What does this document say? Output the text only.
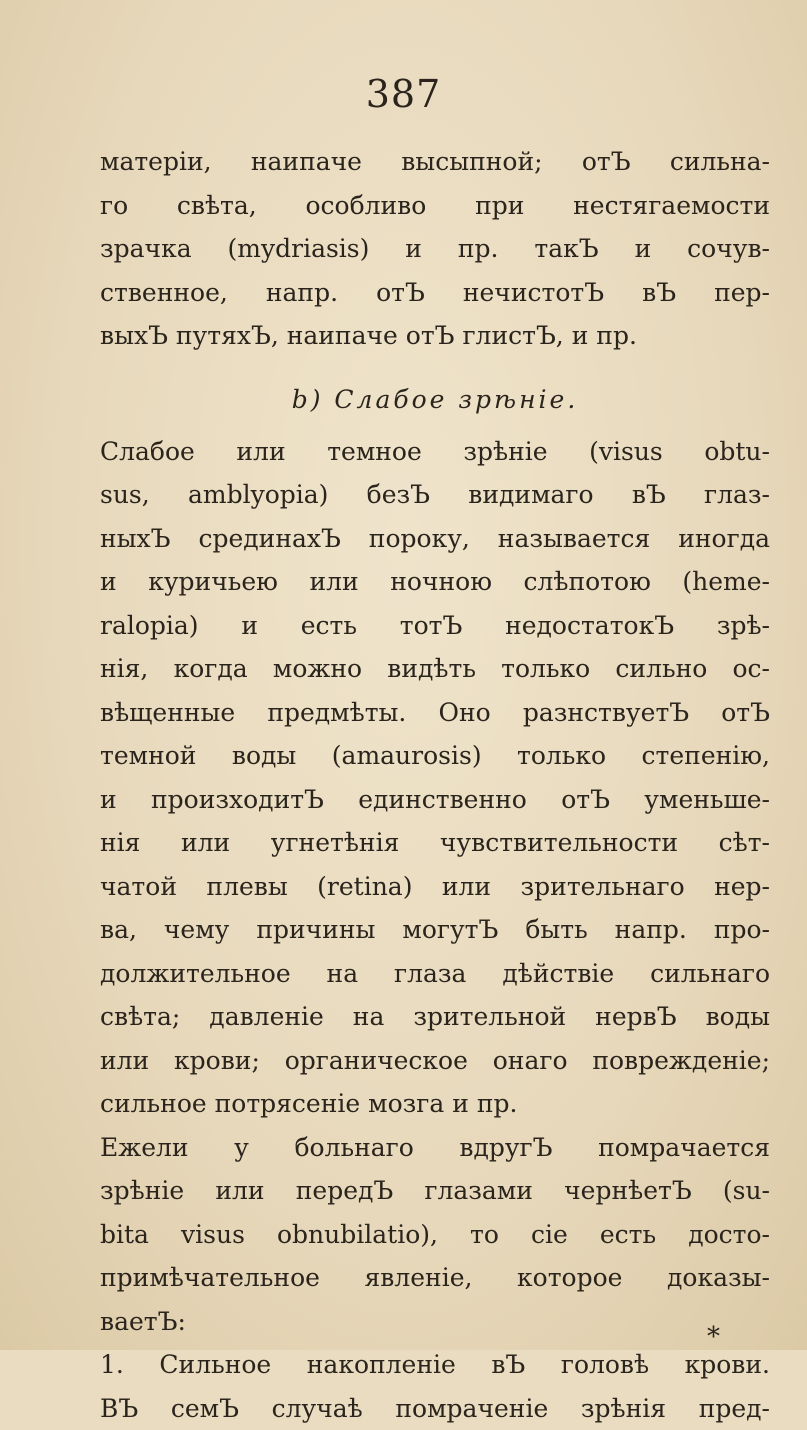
387
матеріи, наипаче высыпной; отЪ сильна-
го свѣта, особливо при нестягаемости
зрачка (mydriasis) и пр. такЪ и сочув-
ственное, напр. отЪ нечистотЪ вЪ пер-
выхЪ путяхЪ, наипаче отЪ глистЪ, и пр.
b) Слабое зрѣніе.
Слабое или темное зрѣніе (visus obtu-
sus, amblyopia) безЪ видимаго вЪ глаз-
ныхЪ срединахЪ пороку, называется иногда
и куричьею или ночною слѣпотою (heme-
ralopia) и есть тотЪ недостатокЪ зрѣ-
нія, когда можно видѣть только сильно ос-
вѣщенные предмѣты. Оно разнствуетЪ отЪ
темной воды (amaurosis) только степенію,
и произходитЪ единственно отЪ уменьше-
нія или угнетѣнія чувствительности сѣт-
чатой плевы (retina) или зрительнаго нер-
ва, чему причины могутЪ быть напр. про-
должительное на глаза дѣйствіе сильнаго
свѣта; давленіе на зрительной нервЪ воды
или крови; органическое онаго поврежденіе;
сильное потрясеніе мозга и пр.
Ежели у больнаго вдругЪ помрачается
зрѣніе или передЪ глазами чернѣетЪ (su-
bita visus obnubilatio), то сіе есть досто-
примѣчательное явленіе, которое доказы-
ваетЪ:
1. Сильное накопленіе вЪ головѣ крови.
ВЪ семЪ случаѣ помраченіе зрѣнія пред-
*
